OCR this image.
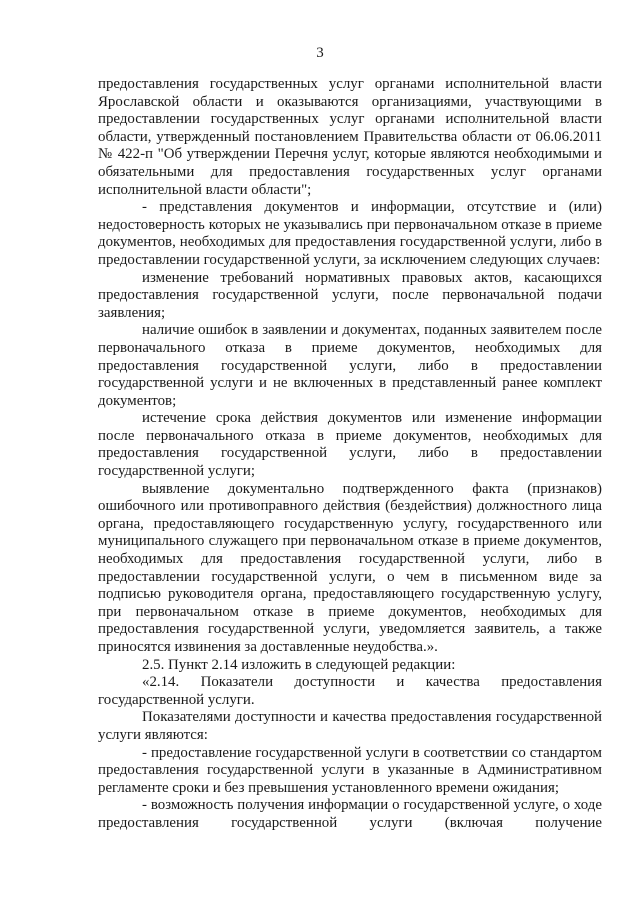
3

предоставления государственных услуг органами исполнительной власти Ярославской области и оказываются организациями, участвующими в предоставлении государственных услуг органами исполнительной власти области, утвержденный постановлением Правительства области от 06.06.2011 № 422-п "Об утверждении Перечня услуг, которые являются необходимыми и обязательными для предоставления государственных услуг органами исполнительной власти области";

- представления документов и информации, отсутствие и (или) недостоверность которых не указывались при первоначальном отказе в приеме документов, необходимых для предоставления государственной услуги, либо в предоставлении государственной услуги, за исключением следующих случаев:

изменение требований нормативных правовых актов, касающихся предоставления государственной услуги, после первоначальной подачи заявления;

наличие ошибок в заявлении и документах, поданных заявителем после первоначального отказа в приеме документов, необходимых для предоставления государственной услуги, либо в предоставлении государственной услуги и не включенных в представленный ранее комплект документов;

истечение срока действия документов или изменение информации после первоначального отказа в приеме документов, необходимых для предоставления государственной услуги, либо в предоставлении государственной услуги;

выявление документально подтвержденного факта (признаков) ошибочного или противоправного действия (бездействия) должностного лица органа, предоставляющего государственную услугу, государственного или муниципального служащего при первоначальном отказе в приеме документов, необходимых для предоставления государственной услуги, либо в предоставлении государственной услуги, о чем в письменном виде за подписью руководителя органа, предоставляющего государственную услугу, при первоначальном отказе в приеме документов, необходимых для предоставления государственной услуги, уведомляется заявитель, а также приносятся извинения за доставленные неудобства.».

2.5. Пункт 2.14 изложить в следующей редакции:

«2.14. Показатели доступности и качества предоставления государственной услуги.

Показателями доступности и качества предоставления государственной услуги являются:

- предоставление государственной услуги в соответствии со стандартом предоставления государственной услуги в указанные в Административном регламенте сроки и без превышения установленного времени ожидания;

- возможность получения информации о государственной услуге, о ходе предоставления государственной услуги (включая получение
